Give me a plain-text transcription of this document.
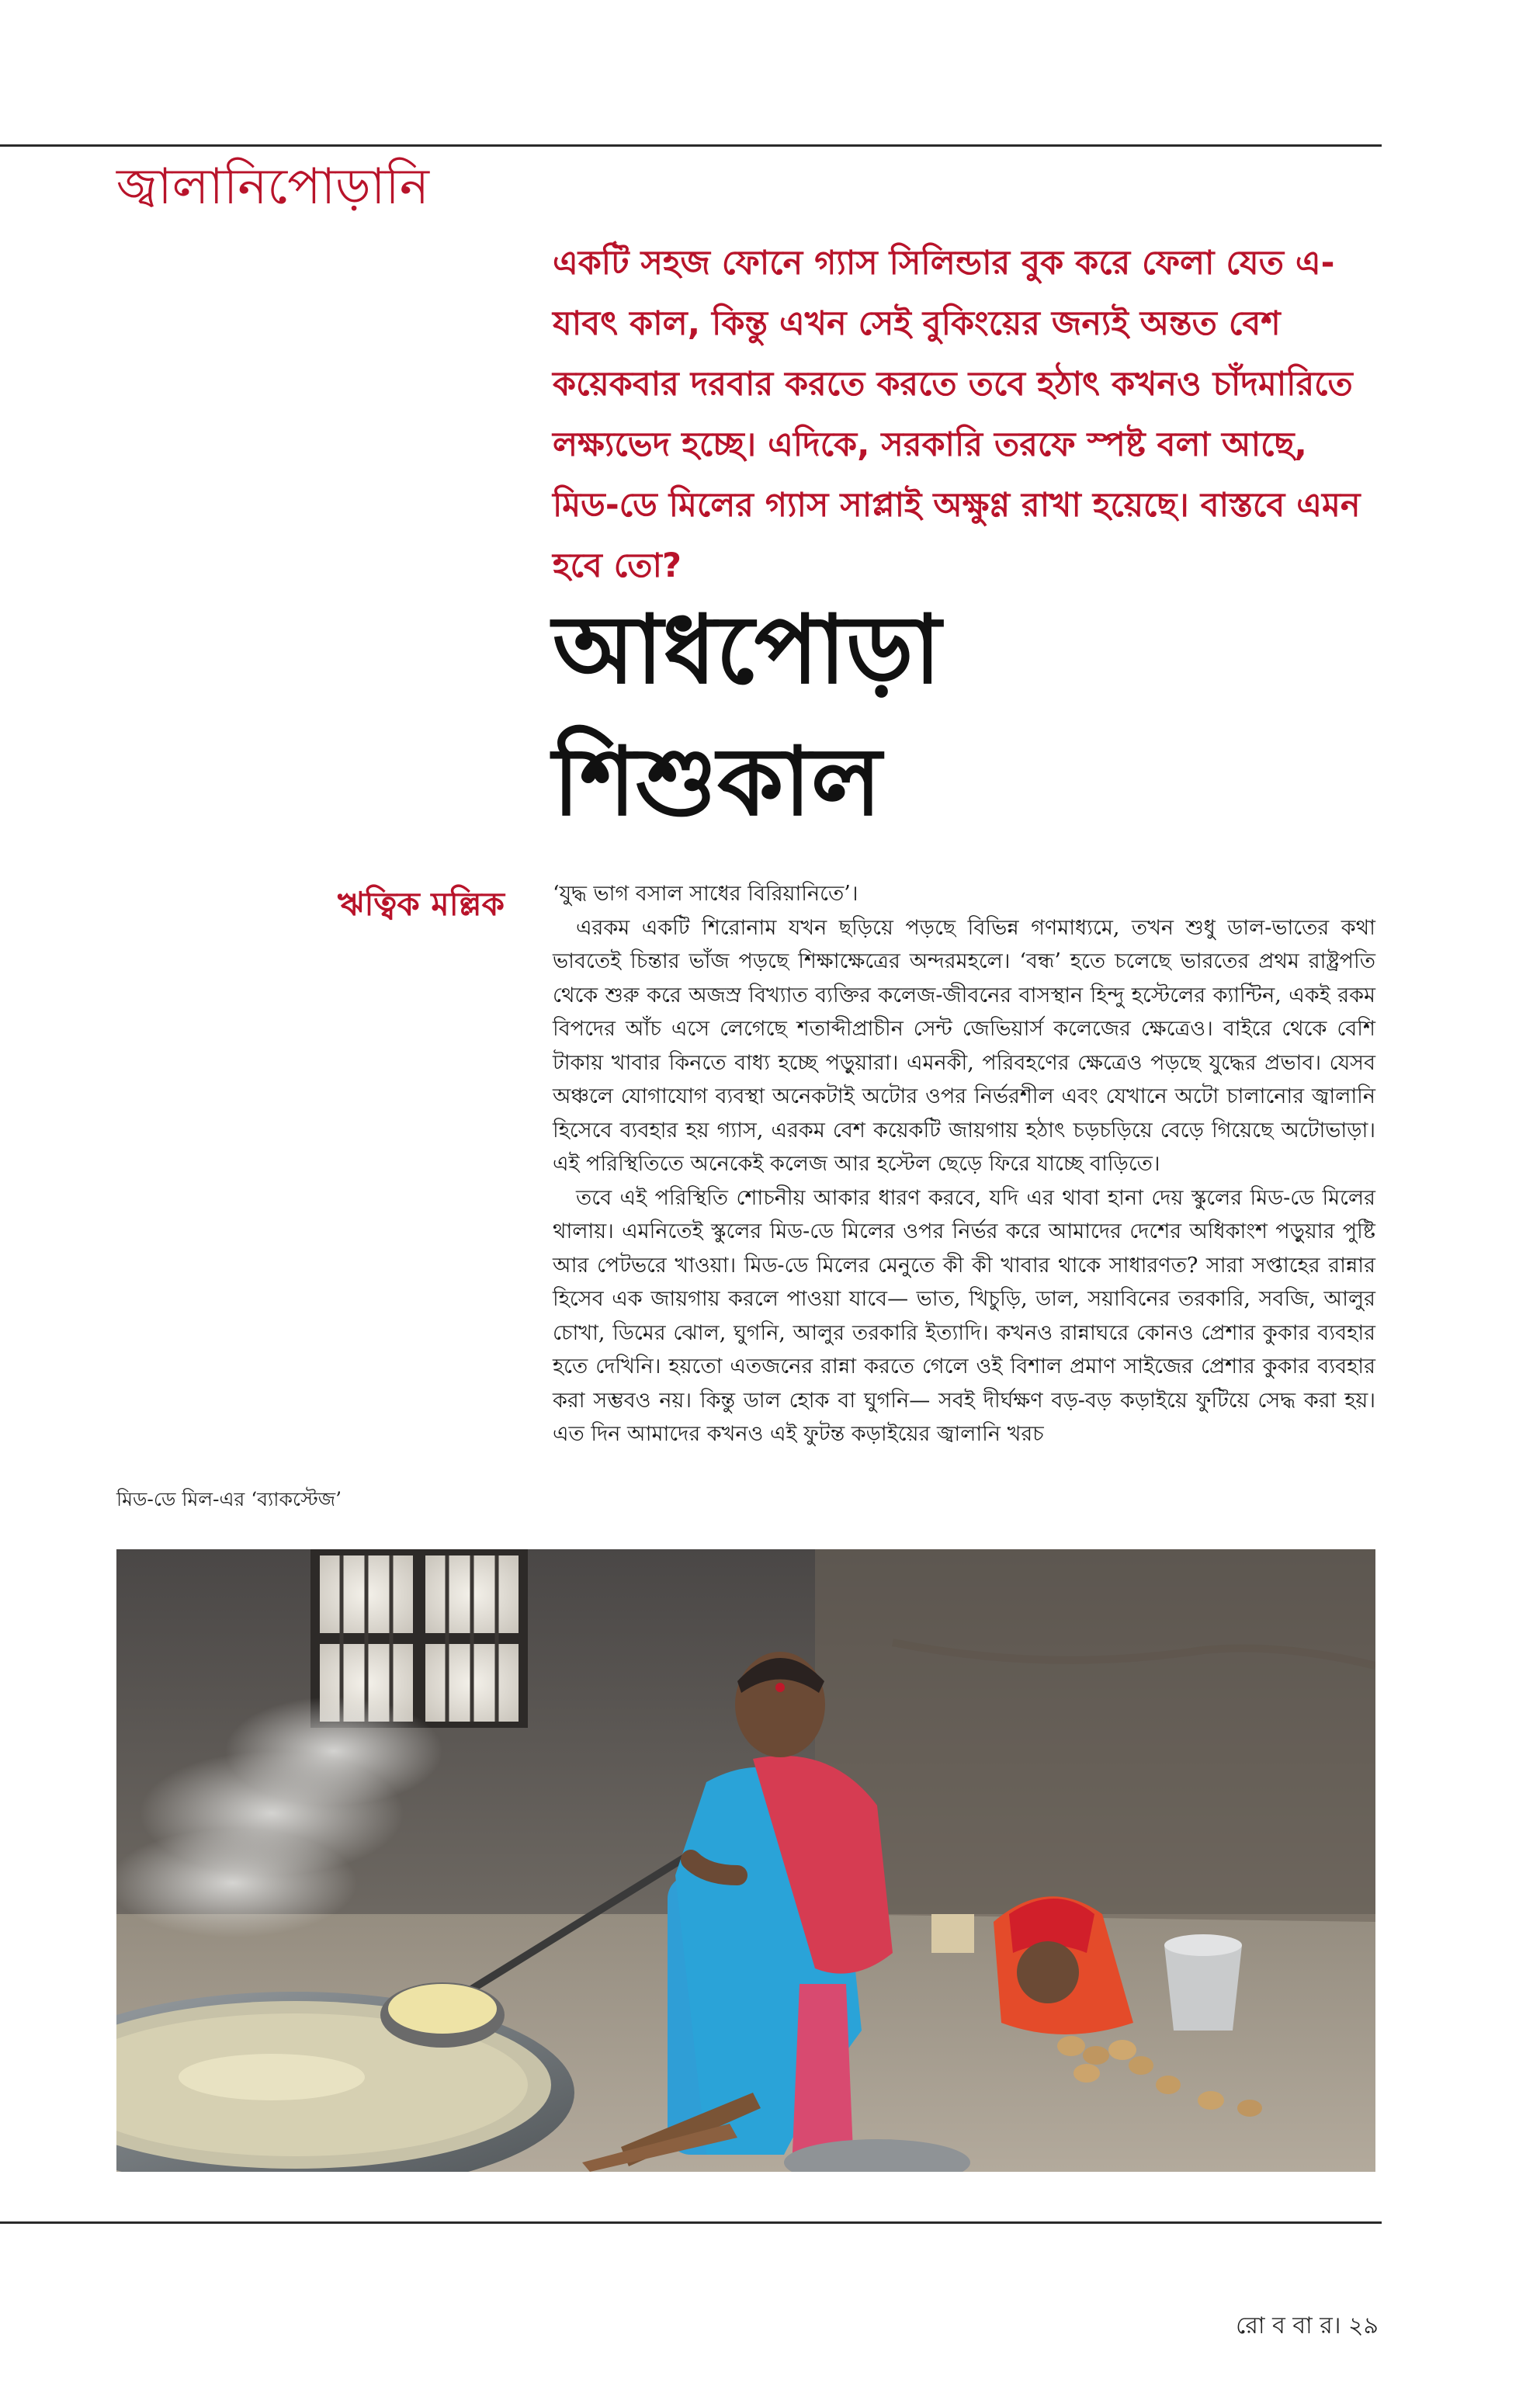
জ্বালানিপোড়ানি
একটি সহজ ফোনে গ্যাস সিলিন্ডার বুক করে ফেলা যেত এ-যাবৎ কাল, কিন্তু এখন সেই বুকিংয়ের জন্যই অন্তত বেশ কয়েকবার দরবার করতে করতে তবে হঠাৎ কখনও চাঁদমারিতে লক্ষ্যভেদ হচ্ছে। এদিকে, সরকারি তরফে স্পষ্ট বলা আছে, মিড-ডে মিলের গ্যাস সাপ্লাই অক্ষুণ্ণ রাখা হয়েছে। বাস্তবে এমন হবে তো?
আধপোড়া
শিশুকাল
ঋত্বিক মল্লিক ‘যুদ্ধ ভাগ বসাল সাধের বিরিয়ানিতে’।

এরকম একটি শিরোনাম যখন ছড়িয়ে পড়ছে বিভিন্ন গণমাধ্যমে, তখন শুধু ডাল-ভাতের কথা ভাবতেই চিন্তার ভাঁজ পড়ছে শিক্ষাক্ষেত্রের অন্দরমহলে। ‘বন্ধ’ হতে চলেছে ভারতের প্রথম রাষ্ট্রপতি থেকে শুরু করে অজস্র বিখ্যাত ব্যক্তির কলেজ-জীবনের বাসস্থান হিন্দু হস্টেলের ক্যান্টিন, একই রকম বিপদের আঁচ এসে লেগেছে শতাব্দীপ্রাচীন সেন্ট জেভিয়ার্স কলেজের ক্ষেত্রেও। বাইরে থেকে বেশি টাকায় খাবার কিনতে বাধ্য হচ্ছে পড়ুয়ারা। এমনকী, পরিবহণের ক্ষেত্রেও পড়ছে যুদ্ধের প্রভাব। যেসব অঞ্চলে যোগাযোগ ব্যবস্থা অনেকটাই অটোর ওপর নির্ভরশীল এবং যেখানে অটো চালানোর জ্বালানি হিসেবে ব্যবহার হয় গ্যাস, এরকম বেশ কয়েকটি জায়গায় হঠাৎ চড়চড়িয়ে বেড়ে গিয়েছে অটোভাড়া। এই পরিস্থিতিতে অনেকেই কলেজ আর হস্টেল ছেড়ে ফিরে যাচ্ছে বাড়িতে।

তবে এই পরিস্থিতি শোচনীয় আকার ধারণ করবে, যদি এর থাবা হানা দেয় স্কুলের মিড-ডে মিলের থালায়। এমনিতেই স্কুলের মিড-ডে মিলের ওপর নির্ভর করে আমাদের দেশের অধিকাংশ পড়ুয়ার পুষ্টি আর পেটভরে খাওয়া। মিড-ডে মিলের মেনুতে কী কী খাবার থাকে সাধারণত? সারা সপ্তাহের রান্নার হিসেব এক জায়গায় করলে পাওয়া যাবে— ভাত, খিচুড়ি, ডাল, সয়াবিনের তরকারি, সবজি, আলুর চোখা, ডিমের ঝোল, ঘুগনি, আলুর তরকারি ইত্যাদি। কখনও রান্নাঘরে কোনও প্রেশার কুকার ব্যবহার হতে দেখিনি। হয়তো এতজনের রান্না করতে গেলে ওই বিশাল প্রমাণ সাইজের প্রেশার কুকার ব্যবহার করা সম্ভবও নয়। কিন্তু ডাল হোক বা ঘুগনি— সবই দীর্ঘক্ষণ বড়-বড় কড়াইয়ে ফুটিয়ে সেদ্ধ করা হয়। এত দিন আমাদের কখনও এই ফুটন্ত কড়াইয়ের জ্বালানি খরচ

মিড-ডে মিল-এর ‘ব্যাকস্টেজ’
রো ব বা র। ২৯
